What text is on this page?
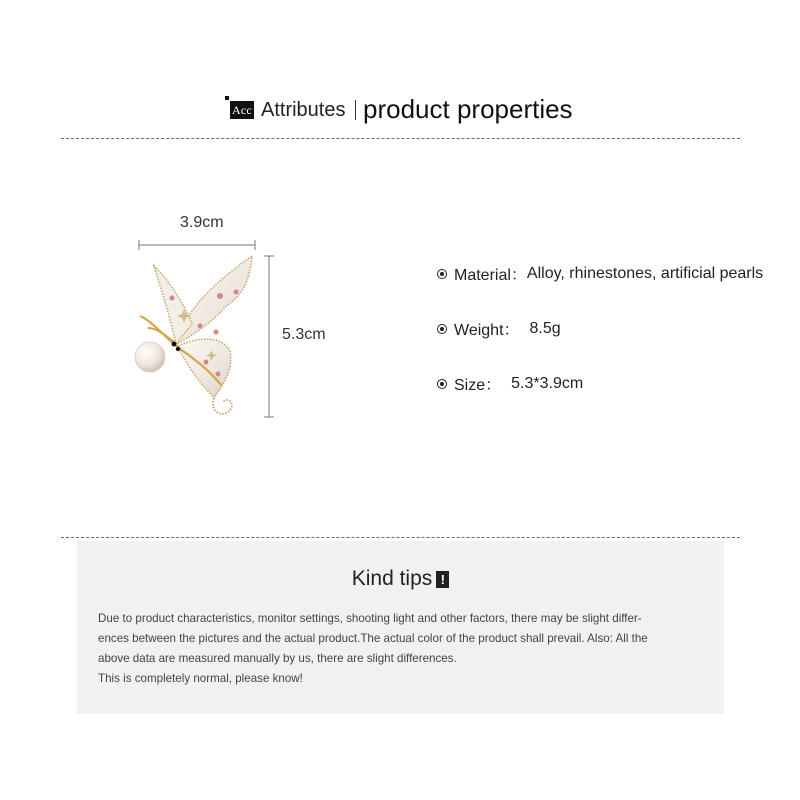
Acc Attributes product properties
3.9cm
5.3cm
Material： Alloy, rhinestones, artificial pearls
Weight： 8.5g
Size： 5.3*3.9cm
Kind tips !

Due to product characteristics, monitor settings, shooting light and other factors, there may be slight differ-

ences between the pictures and the actual product.The actual color of the product shall prevail. Also: All the

above data are measured manually by us, there are slight differences.

This is completely normal, please know!
